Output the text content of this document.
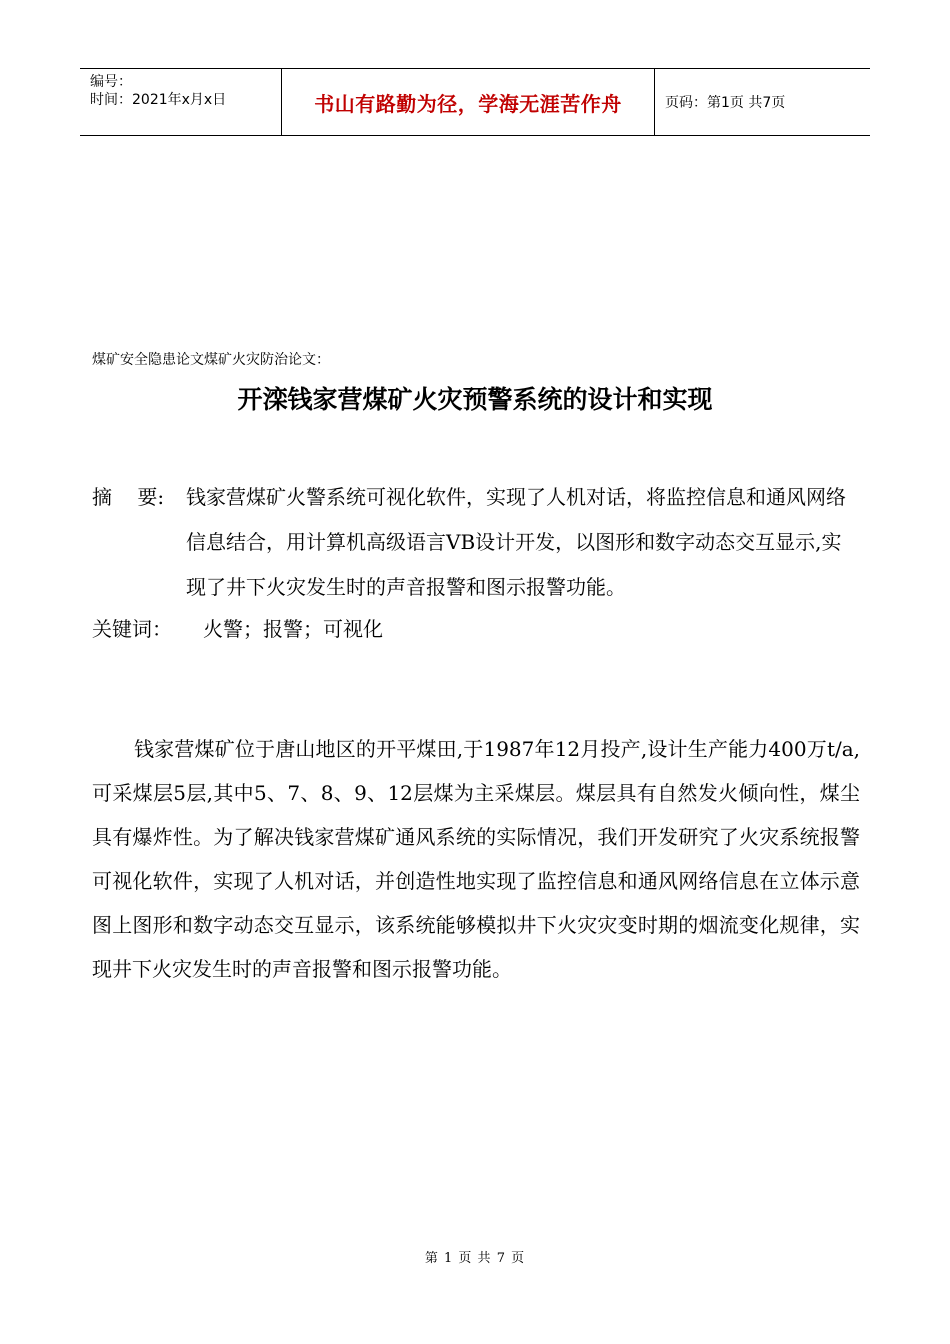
编号：
时间：2021年x月x日	书山有路勤为径，学海无涯苦作舟	页码：第1页 共7页
煤矿安全隐患论文煤矿火灾防治论文：
开滦钱家营煤矿火灾预警系统的设计和实现
摘    要:	钱家营煤矿火警系统可视化软件，实现了人机对话，将监控信息和通风网络信息结合，用计算机高级语言VB设计开发，以图形和数字动态交互显示,实现了井下火灾发生时的声音报警和图示报警功能。
关键词：	火警；报警；可视化
钱家营煤矿位于唐山地区的开平煤田,于1987年12月投产,设计生产能力400万t/a,可采煤层5层,其中5、7、8、9、12层煤为主采煤层。煤层具有自然发火倾向性，煤尘具有爆炸性。为了解决钱家营煤矿通风系统的实际情况，我们开发研究了火灾系统报警可视化软件，实现了人机对话，并创造性地实现了监控信息和通风网络信息在立体示意图上图形和数字动态交互显示，该系统能够模拟井下火灾灾变时期的烟流变化规律，实现井下火灾发生时的声音报警和图示报警功能。
第 1 页 共 7 页
